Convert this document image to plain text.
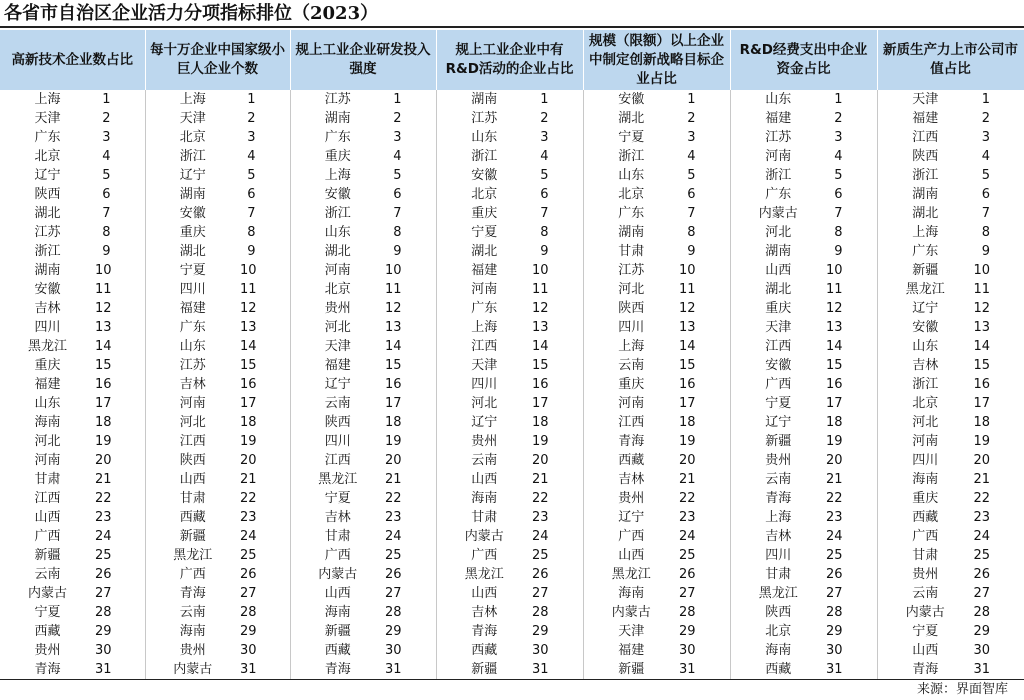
各省市自治区企业活力分项指标排位（2023）
高新技术企业数占比		每十万企业中国家级小巨人企业个数		规上工业企业研发投入强度		规上工业企业中有R&D活动的企业占比		规模（限额）以上企业中制定创新战略目标企业占比		R&D经费支出中企业资金占比		新质生产力上市公司市值占比	
上海	1	上海	1	江苏	1	湖南	1	安徽	1	山东	1	天津	1
天津	2	天津	2	湖南	2	江苏	2	湖北	2	福建	2	福建	2
广东	3	北京	3	广东	3	山东	3	宁夏	3	江苏	3	江西	3
北京	4	浙江	4	重庆	4	浙江	4	浙江	4	河南	4	陕西	4
辽宁	5	辽宁	5	上海	5	安徽	5	山东	5	浙江	5	浙江	5
陕西	6	湖南	6	安徽	6	北京	6	北京	6	广东	6	湖南	6
湖北	7	安徽	7	浙江	7	重庆	7	广东	7	内蒙古	7	湖北	7
江苏	8	重庆	8	山东	8	宁夏	8	湖南	8	河北	8	上海	8
浙江	9	湖北	9	湖北	9	湖北	9	甘肃	9	湖南	9	广东	9
湖南	10	宁夏	10	河南	10	福建	10	江苏	10	山西	10	新疆	10
安徽	11	四川	11	北京	11	河南	11	河北	11	湖北	11	黑龙江	11
吉林	12	福建	12	贵州	12	广东	12	陕西	12	重庆	12	辽宁	12
四川	13	广东	13	河北	13	上海	13	四川	13	天津	13	安徽	13
黑龙江	14	山东	14	天津	14	江西	14	上海	14	江西	14	山东	14
重庆	15	江苏	15	福建	15	天津	15	云南	15	安徽	15	吉林	15
福建	16	吉林	16	辽宁	16	四川	16	重庆	16	广西	16	浙江	16
山东	17	河南	17	云南	17	河北	17	河南	17	宁夏	17	北京	17
海南	18	河北	18	陕西	18	辽宁	18	江西	18	辽宁	18	河北	18
河北	19	江西	19	四川	19	贵州	19	青海	19	新疆	19	河南	19
河南	20	陕西	20	江西	20	云南	20	西藏	20	贵州	20	四川	20
甘肃	21	山西	21	黑龙江	21	山西	21	吉林	21	云南	21	海南	21
江西	22	甘肃	22	宁夏	22	海南	22	贵州	22	青海	22	重庆	22
山西	23	西藏	23	吉林	23	甘肃	23	辽宁	23	上海	23	西藏	23
广西	24	新疆	24	甘肃	24	内蒙古	24	广西	24	吉林	24	广西	24
新疆	25	黑龙江	25	广西	25	广西	25	山西	25	四川	25	甘肃	25
云南	26	广西	26	内蒙古	26	黑龙江	26	黑龙江	26	甘肃	26	贵州	26
内蒙古	27	青海	27	山西	27	山西	27	海南	27	黑龙江	27	云南	27
宁夏	28	云南	28	海南	28	吉林	28	内蒙古	28	陕西	28	内蒙古	28
西藏	29	海南	29	新疆	29	青海	29	天津	29	北京	29	宁夏	29
贵州	30	贵州	30	西藏	30	西藏	30	福建	30	海南	30	山西	30
青海	31	内蒙古	31	青海	31	新疆	31	新疆	31	西藏	31	青海	31
来源：界面智库
